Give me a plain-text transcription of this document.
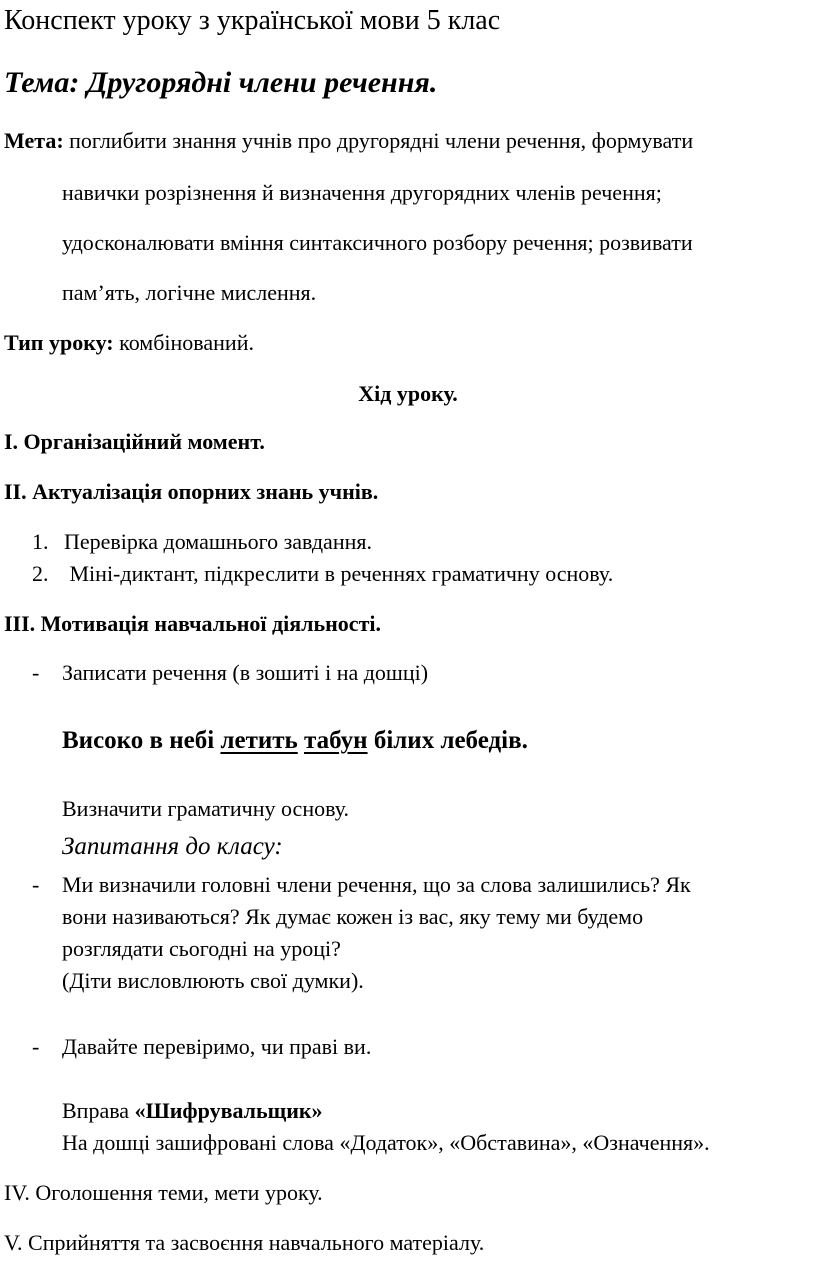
Конспект уроку з української мови 5 клас
Тема: Другорядні члени речення.
Мета: поглибити знання учнів про другорядні члени речення, формувати
навички розрізнення й визначення другорядних членів речення;
удосконалювати вміння синтаксичного розбору речення; розвивати
пам’ять, логічне мислення.
Тип уроку: комбінований.
Хід уроку.
І. Організаційний момент.
ІІ. Актуалізація опорних знань учнів.
1. Перевірка домашнього завдання.
2. Міні-диктант, підкреслити в реченнях граматичну основу.
ІІІ. Мотивація навчальної діяльності.
- Записати речення (в зошиті і на дошці)
Високо в небі летить табун білих лебедів.
Визначити граматичну основу.
Запитання до класу:
- Ми визначили головні члени речення, що за слова залишились? Як
вони називаються? Як думає кожен із вас, яку тему ми будемо
розглядати сьогодні на уроці?
(Діти висловлюють свої думки).
- Давайте перевіримо, чи праві ви.
Вправа «Шифрувальщик»
На дошці зашифровані слова «Додаток», «Обставина», «Означення».
IV. Оголошення теми, мети уроку.
V. Сприйняття та засвоєння навчального матеріалу.
